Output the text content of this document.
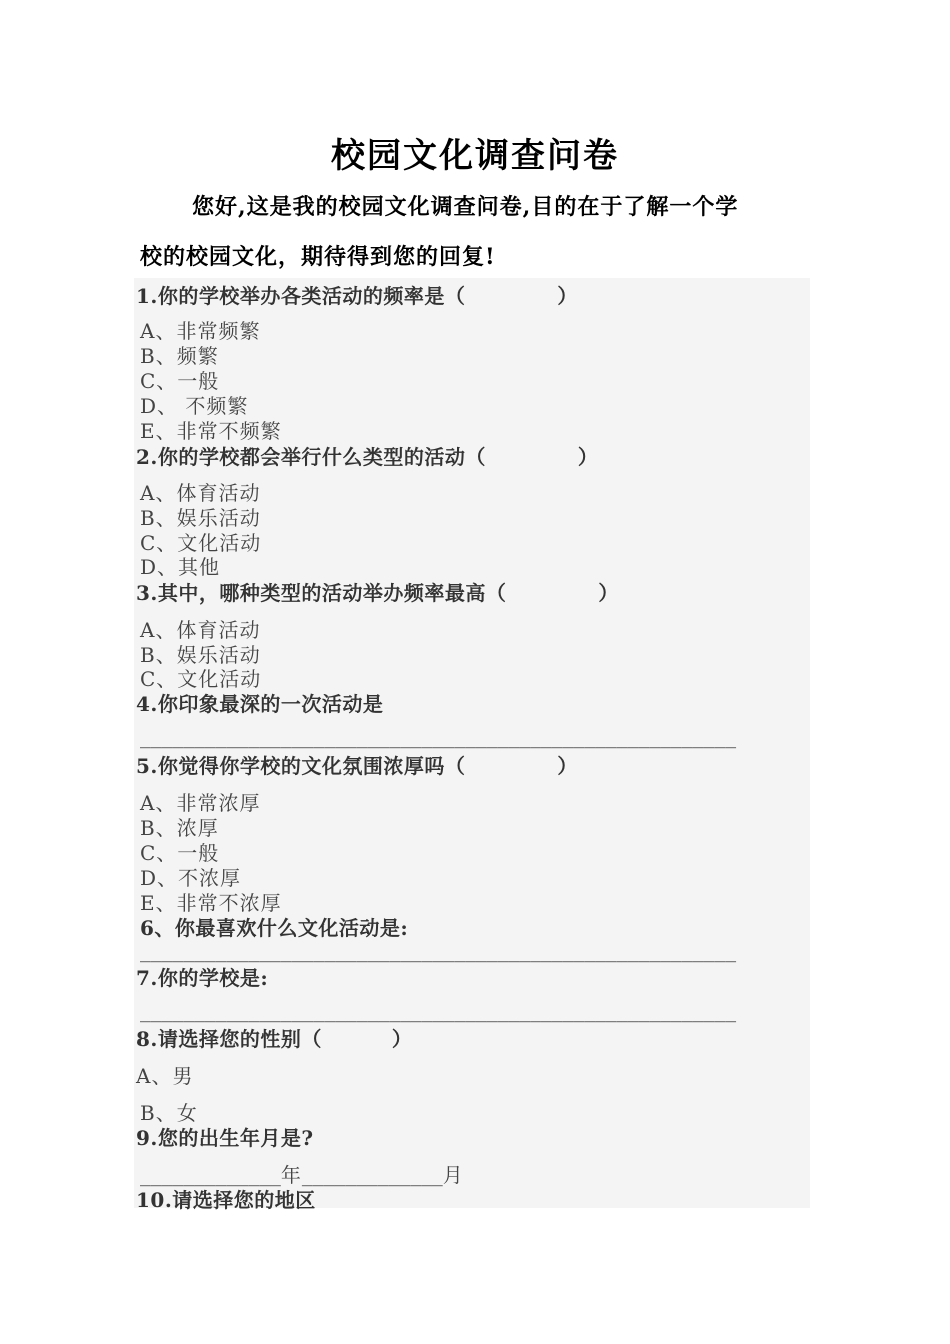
校园文化调查问卷
您好,这是我的校园文化调查问卷,目的在于了解一个学
校的校园文化，期待得到您的回复!
1.你的学校举办各类活动的频率是（	）
A、非常频繁
B、频繁
C、一般
D、 不频繁
E、非常不频繁
2.你的学校都会举行什么类型的活动（	）
A、体育活动
B、娱乐活动
C、文化活动
D、其他
3.其中，哪种类型的活动举办频率最高（	）
A、体育活动
B、娱乐活动
C、文化活动
4.你印象最深的一次活动是
_______________________________________________________
5.你觉得你学校的文化氛围浓厚吗（	）
A、非常浓厚
B、浓厚
C、一般
D、不浓厚
E、非常不浓厚
6、你最喜欢什么文化活动是:
_______________________________________________________
7.你的学校是:
_______________________________________________________
8.请选择您的性别（	）
A、男
B、女
9.您的出生年月是?
_____________年_____________月
10.请选择您的地区
